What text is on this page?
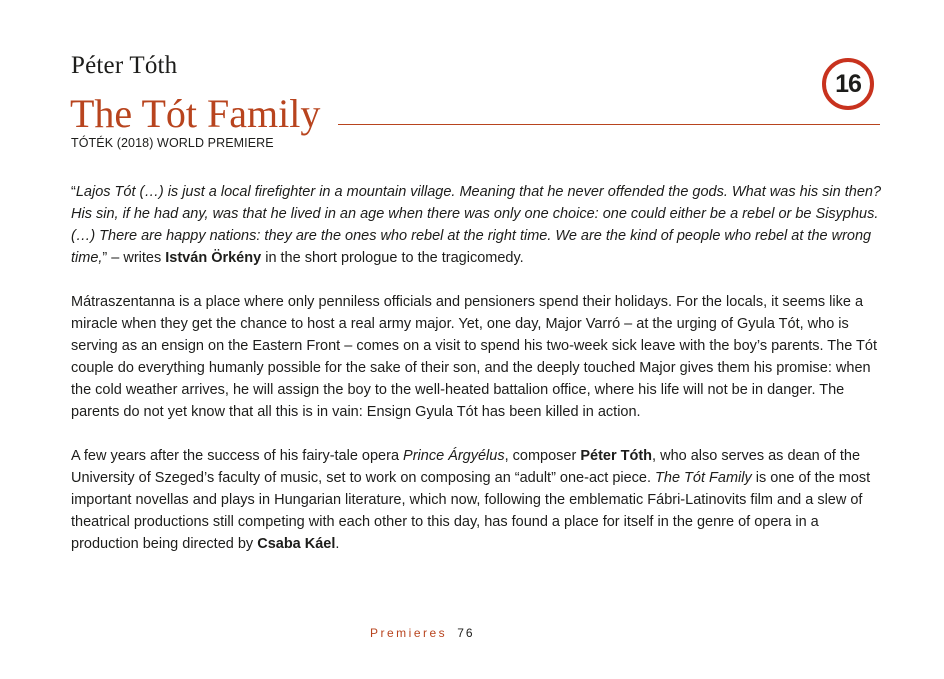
Péter Tóth
16
The Tót Family
TÓTÉK (2018) WORLD PREMIERE

“Lajos Tót (…) is just a local firefighter in a mountain village. Meaning that he never offended the gods. What was his sin then? His sin, if he had any, was that he lived in an age when there was only one choice: one could either be a rebel or be Sisyphus. (…) There are happy nations: they are the ones who rebel at the right time. We are the kind of people who rebel at the wrong time,” – writes István Örkény in the short prologue to the tragicomedy.

Mátraszentanna is a place where only penniless officials and pensioners spend their holidays. For the locals, it seems like a miracle when they get the chance to host a real army major. Yet, one day, Major Varró – at the urging of Gyula Tót, who is serving as an ensign on the Eastern Front – comes on a visit to spend his two-week sick leave with the boy’s parents. The Tót couple do everything humanly possible for the sake of their son, and the deeply touched Major gives them his promise: when the cold weather arrives, he will assign the boy to the well-heated battalion office, where his life will not be in danger. The parents do not yet know that all this is in vain: Ensign Gyula Tót has been killed in action.

A few years after the success of his fairy-tale opera Prince Árgyélus, composer Péter Tóth, who also serves as dean of the University of Szeged’s faculty of music, set to work on composing an “adult” one-act piece. The Tót Family is one of the most important novellas and plays in Hungarian literature, which now, following the emblematic Fábri-Latinovits film and a slew of theatrical productions still competing with each other to this day, has found a place for itself in the genre of opera in a production being directed by Csaba Káel.

Premieres 76
